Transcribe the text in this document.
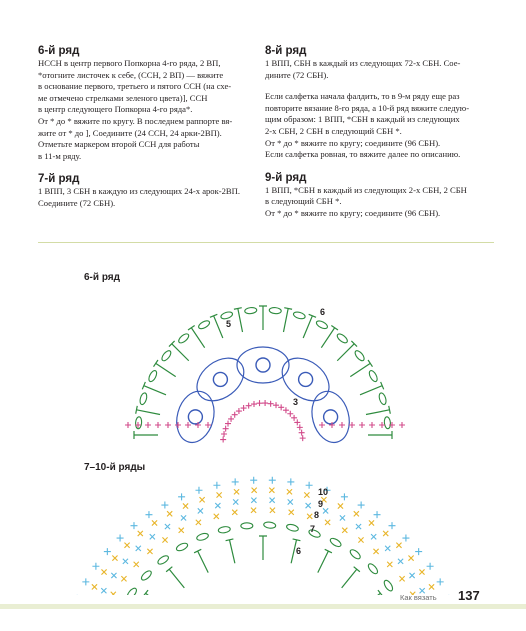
6-й ряд

НССН в центр первого Попкорна 4-го ряда, 2 ВП,

*отогните листочек к себе, (ССН, 2 ВП) — вяжите

в основание первого, третьего и пятого ССН (на схе-

ме отмечено стрелками зеленого цвета)], ССН

в центр следующего Попкорна 4-го ряда*.

От * до * вяжите по кругу. В последнем раппорте вя-

жите от * до ], Соедините (24 ССН, 24 арки-2ВП).

Отметьте маркером второй ССН для работы

в 11-м ряду.

7-й ряд

1 ВПП, 3 СБН в каждую из следующих 24-х арок-2ВП.

Соедините (72 СБН).

8-й ряд

1 ВПП, СБН в каждый из следующих 72-х СБН. Сое-

дините (72 СБН).

Если салфетка начала фалдить, то в 9-м ряду еще раз

повторите вязание 8-го ряда, а 10-й ряд вяжите следую-

щим образом: 1 ВПП, *СБН в каждый из следующих

2-х СБН, 2 СБН в следующий СБН *.

От * до * вяжите по кругу; соедините (96 СБН).

Если салфетка ровная, то вяжите далее по описанию.

9-й ряд

1 ВПП, *СБН в каждый из следующих 2-х СБН, 2 СБН

в следующий СБН *.

От * до * вяжите по кругу; соедините (96 СБН).

6-й ряд
5
6
3
7–10-й ряды
10
9
8
7
6
Как вязать 137
